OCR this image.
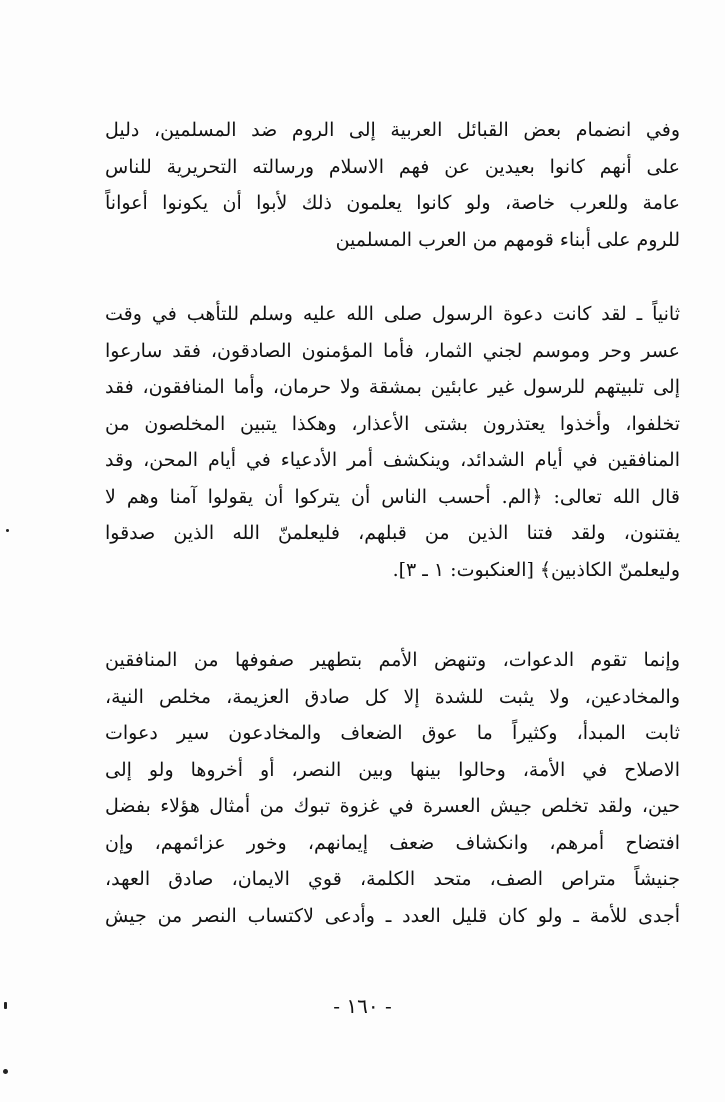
وفي انضمام بعض القبائل العربية إلى الروم ضد المسلمين، دليل
على أنهم كانوا بعيدين عن فهم الاسلام ورسالته التحريرية للناس
عامة وللعرب خاصة، ولو كانوا يعلمون ذلك لأبوا أن يكونوا أعواناً
للروم على أبناء قومهم من العرب المسلمين
ثانياً ـ لقد كانت دعوة الرسول صلى الله عليه وسلم للتأهب في وقت
عسر وحر وموسم لجني الثمار، فأما المؤمنون الصادقون، فقد سارعوا
إلى تلبيتهم للرسول غير عابئين بمشقة ولا حرمان، وأما المنافقون، فقد
تخلفوا، وأخذوا يعتذرون بشتى الأعذار، وهكذا يتبين المخلصون من
المنافقين في أيام الشدائد، وينكشف أمر الأدعياء في أيام المحن، وقد
قال الله تعالى: ﴿الم. أحسب الناس أن يتركوا أن يقولوا آمنا وهم لا
يفتنون، ولقد فتنا الذين من قبلهم، فليعلمنّ الله الذين صدقوا
وليعلمنّ الكاذبين﴾ [العنكبوت: ١ ـ ٣].
وإنما تقوم الدعوات، وتنهض الأمم بتطهير صفوفها من المنافقين
والمخادعين، ولا يثبت للشدة إلا كل صادق العزيمة، مخلص النية،
ثابت المبدأ، وكثيراً ما عوق الضعاف والمخادعون سير دعوات
الاصلاح في الأمة، وحالوا بينها وبين النصر، أو أخروها ولو إلى
حين، ولقد تخلص جيش العسرة في غزوة تبوك من أمثال هؤلاء بفضل
افتضاح أمرهم، وانكشاف ضعف إيمانهم، وخور عزائمهم، وإن
جنيشاً متراص الصف، متحد الكلمة، قوي الايمان، صادق العهد،
أجدى للأمة ـ ولو كان قليل العدد ـ وأدعى لاكتساب النصر من جيش
- ١٦٠ -
